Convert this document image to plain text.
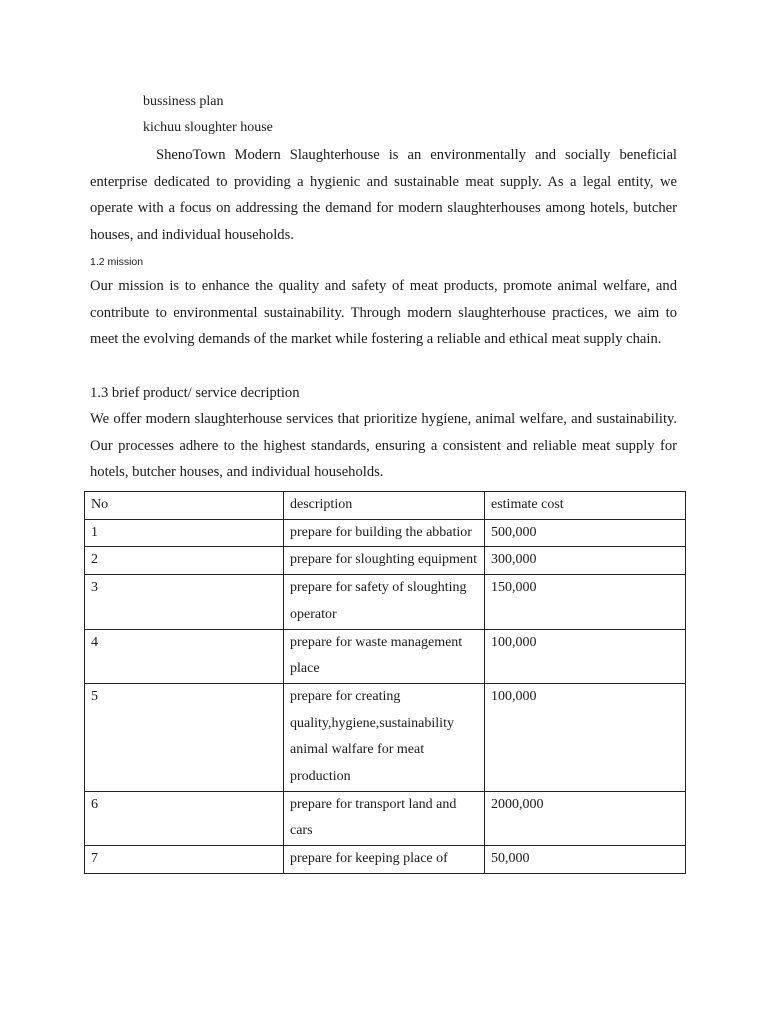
bussiness plan
kichuu sloughter house

ShenoTown Modern Slaughterhouse is an environmentally and socially beneficial enterprise dedicated to providing a hygienic and sustainable meat supply. As a legal entity, we operate with a focus on addressing the demand for modern slaughterhouses among hotels, butcher houses, and individual households.

1.2 mission

Our mission is to enhance the quality and safety of meat products, promote animal welfare, and contribute to environmental sustainability. Through modern slaughterhouse practices, we aim to meet the evolving demands of the market while fostering a reliable and ethical meat supply chain.

1.3 brief product/ service decription

We offer modern slaughterhouse services that prioritize hygiene, animal welfare, and sustainability. Our processes adhere to the highest standards, ensuring a consistent and reliable meat supply for hotels, butcher houses, and individual households.

No	description	estimate cost
1	prepare for building the abbatior	500,000
2	prepare for sloughting equipment	300,000
3	prepare for safety of sloughting operator	150,000
4	prepare for waste management place	100,000
5	prepare for creating quality,hygiene,sustainability animal walfare for meat production	100,000
6	prepare for transport land and cars	2000,000
7	prepare for keeping place of	50,000
